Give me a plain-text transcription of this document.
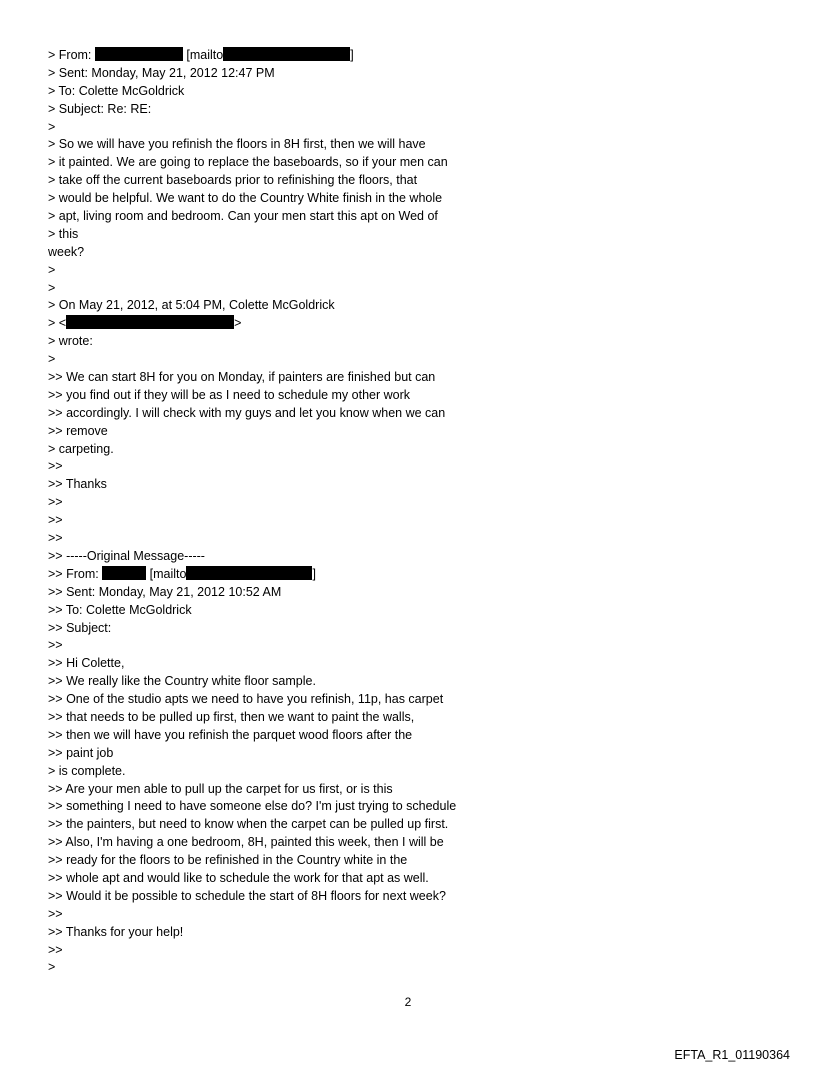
> From:	[mailto	]
> Sent: Monday, May 21, 2012 12:47 PM
> To: Colette McGoldrick
> Subject: Re: RE:
>
> So we will have you refinish the floors in 8H first, then we will have
> it painted. We are going to replace the baseboards, so if your men can
> take off the current baseboards prior to refinishing the floors, that
> would be helpful. We want to do the Country White finish in the whole
> apt, living room and bedroom. Can your men start this apt on Wed of
> this
week?
>
>
> On May 21, 2012, at 5:04 PM, Colette McGoldrick
> <	>
> wrote:
>
>> We can start 8H for you on Monday, if painters are finished but can
>> you find out if they will be as I need to schedule my other work
>> accordingly. I will check with my guys and let you know when we can
>> remove
> carpeting.
>>
>> Thanks
>>
>>
>>
>> -----Original Message-----
>> From:	[mailto	]
>> Sent: Monday, May 21, 2012 10:52 AM
>> To: Colette McGoldrick
>> Subject:
>>
>> Hi Colette,
>> We really like the Country white floor sample.
>> One of the studio apts we need to have you refinish, 11p, has carpet
>> that needs to be pulled up first, then we want to paint the walls,
>> then we will have you refinish the parquet wood floors after the
>> paint job
> is complete.
>> Are your men able to pull up the carpet for us first, or is this
>> something I need to have someone else do? I'm just trying to schedule
>> the painters, but need to know when the carpet can be pulled up first.
>> Also, I'm having a one bedroom, 8H, painted this week, then I will be
>> ready for the floors to be refinished in the Country white in the
>> whole apt and would like to schedule the work for that apt as well.
>> Would it be possible to schedule the start of 8H floors for next week?
>>
>> Thanks for your help!
>>
>
2
EFTA_R1_01190364
